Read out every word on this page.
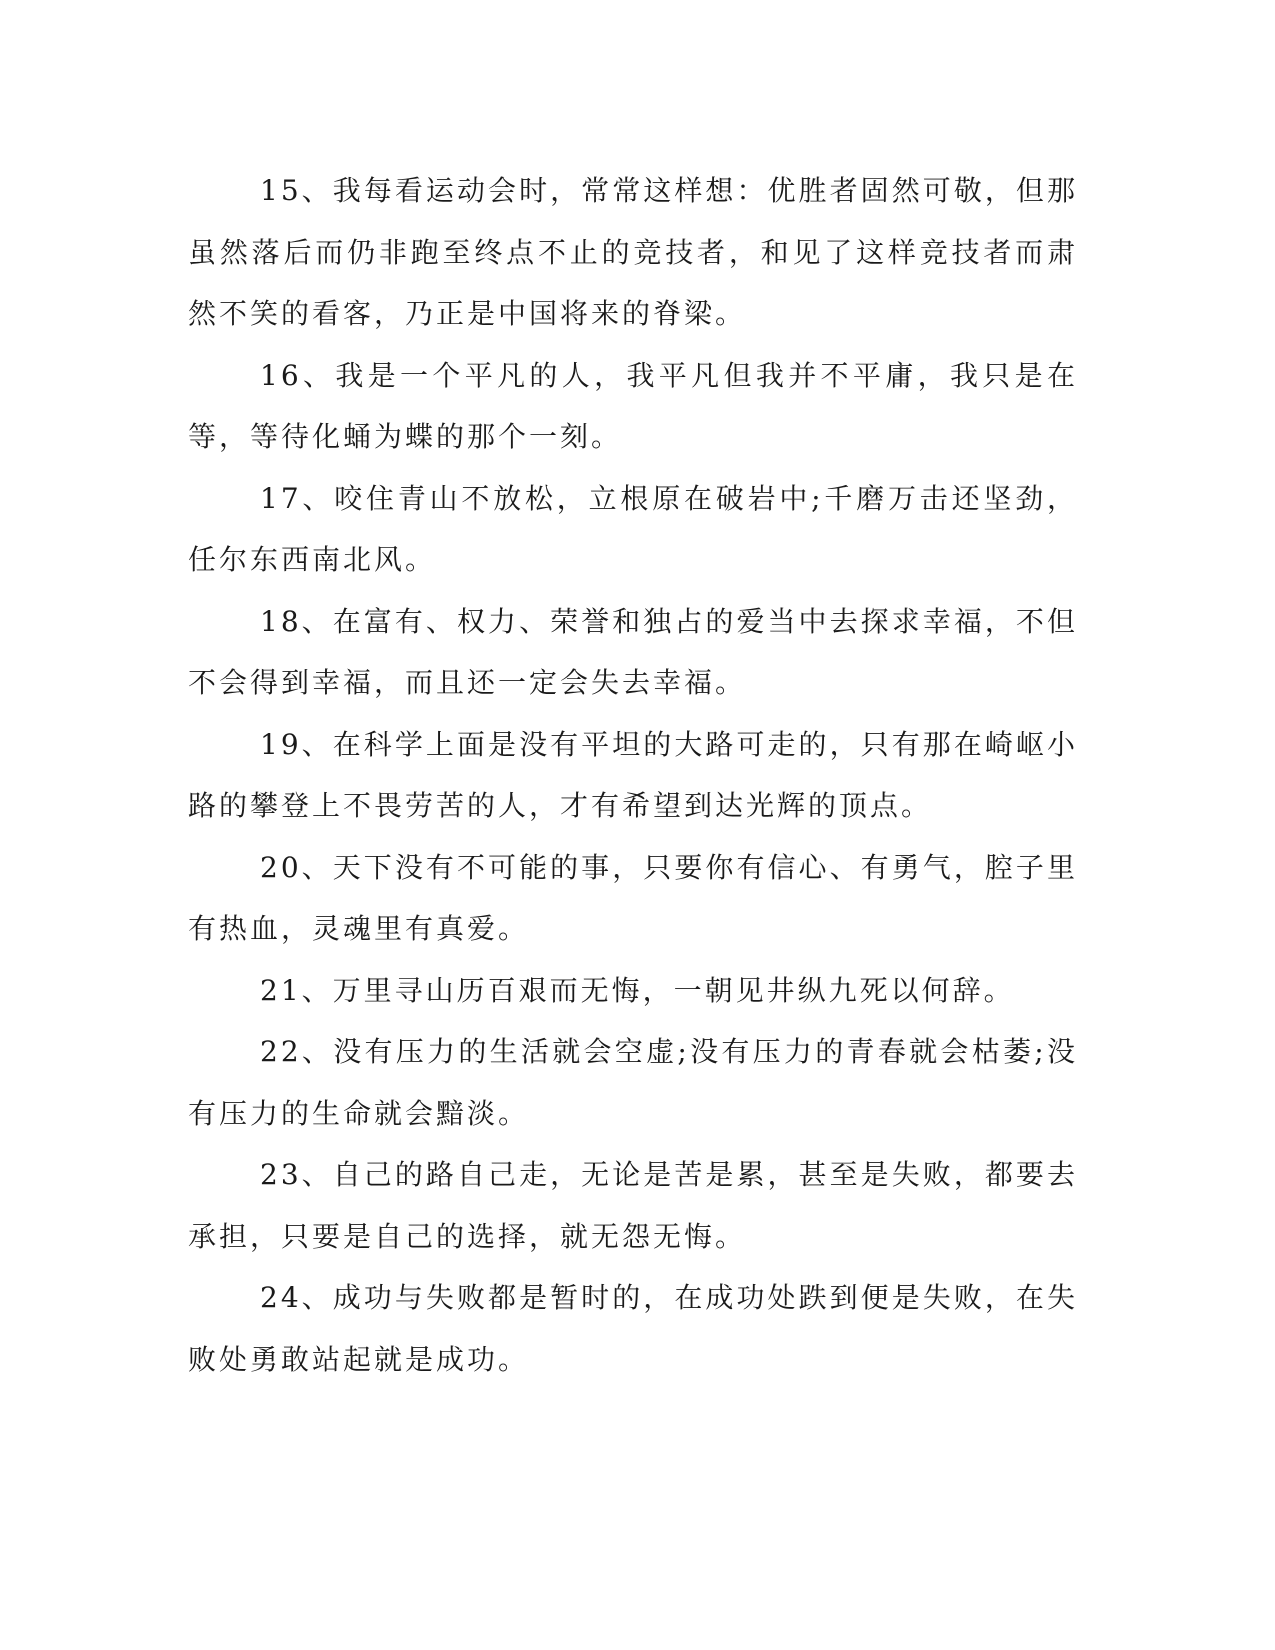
15、我每看运动会时，常常这样想：优胜者固然可敬，但那虽然落后而仍非跑至终点不止的竞技者，和见了这样竞技者而肃然不笑的看客，乃正是中国将来的脊梁。

16、我是一个平凡的人，我平凡但我并不平庸，我只是在等，等待化蛹为蝶的那个一刻。

17、咬住青山不放松，立根原在破岩中;千磨万击还坚劲，任尔东西南北风。

18、在富有、权力、荣誉和独占的爱当中去探求幸福，不但不会得到幸福，而且还一定会失去幸福。

19、在科学上面是没有平坦的大路可走的，只有那在崎岖小路的攀登上不畏劳苦的人，才有希望到达光辉的顶点。

20、天下没有不可能的事，只要你有信心、有勇气，腔子里有热血，灵魂里有真爱。

21、万里寻山历百艰而无悔，一朝见井纵九死以何辞。

22、没有压力的生活就会空虚;没有压力的青春就会枯萎;没有压力的生命就会黯淡。

23、自己的路自己走，无论是苦是累，甚至是失败，都要去承担，只要是自己的选择，就无怨无悔。

24、成功与失败都是暂时的，在成功处跌到便是失败，在失败处勇敢站起就是成功。
